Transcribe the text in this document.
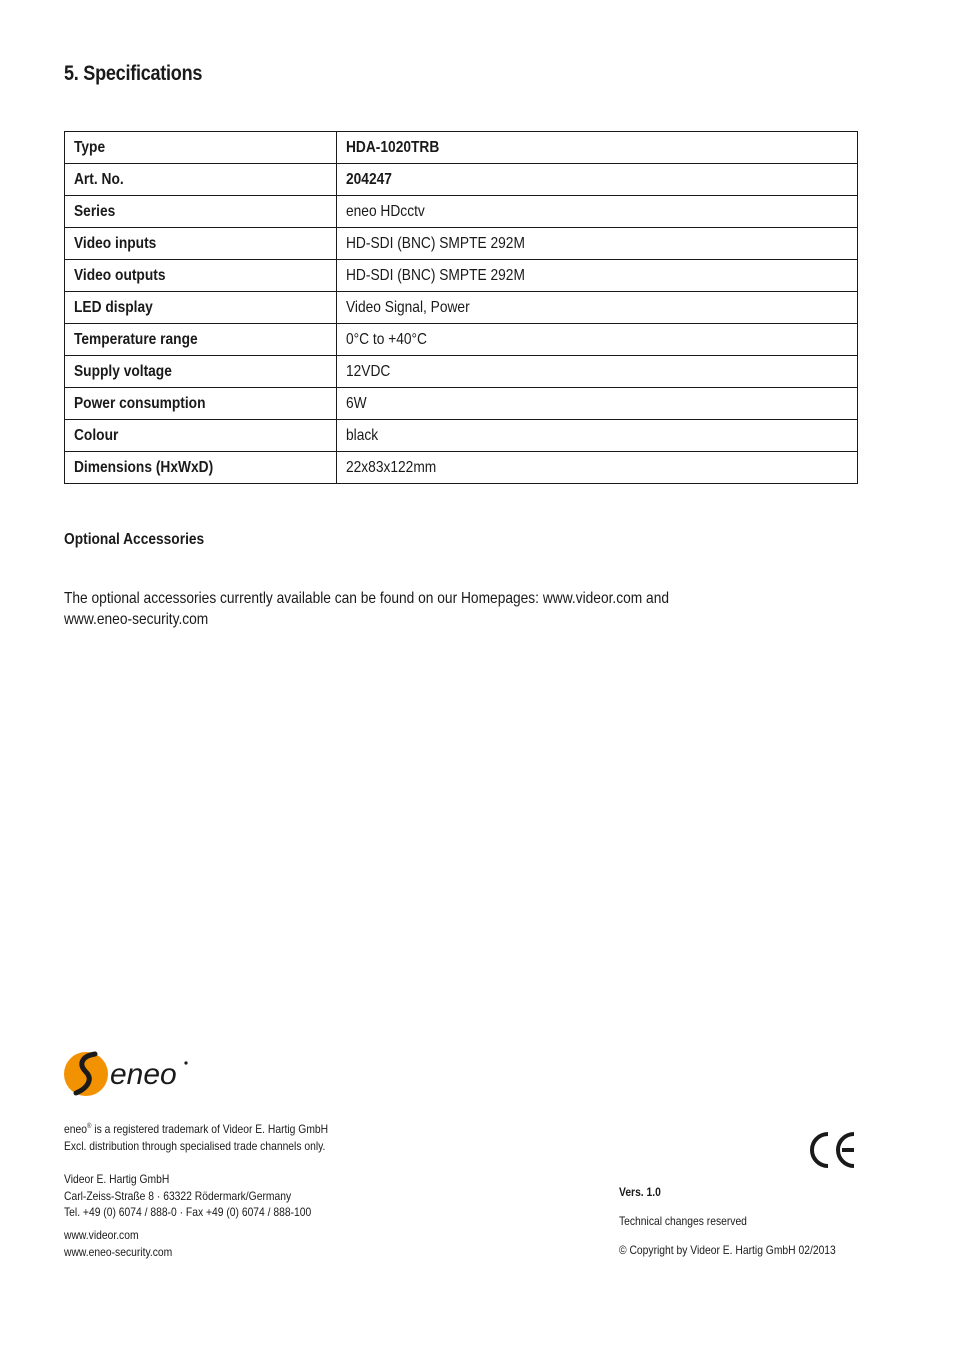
5. Specifications
Type	HDA-1020TRB
Art. No.	204247
Series	eneo HDcctv
Video inputs	HD-SDI (BNC) SMPTE 292M
Video outputs	HD-SDI (BNC) SMPTE 292M
LED display	Video Signal, Power
Temperature range	0°C to +40°C
Supply voltage	12VDC
Power consumption	6W
Colour	black
Dimensions (HxWxD)	22x83x122mm
Optional Accessories
The optional accessories currently available can be found on our Homepages: www.videor.com and
www.eneo-security.com
eneo
eneo® is a registered trademark of Videor E. Hartig GmbH
Excl. distribution through specialised trade channels only.
Videor E. Hartig GmbH
Carl-Zeiss-Straße 8 · 63322 Rödermark/Germany
Tel. +49 (0) 6074 / 888-0 · Fax +49 (0) 6074 / 888-100
www.videor.com
www.eneo-security.com
Vers. 1.0
Technical changes reserved
© Copyright by Videor E. Hartig GmbH 02/2013
